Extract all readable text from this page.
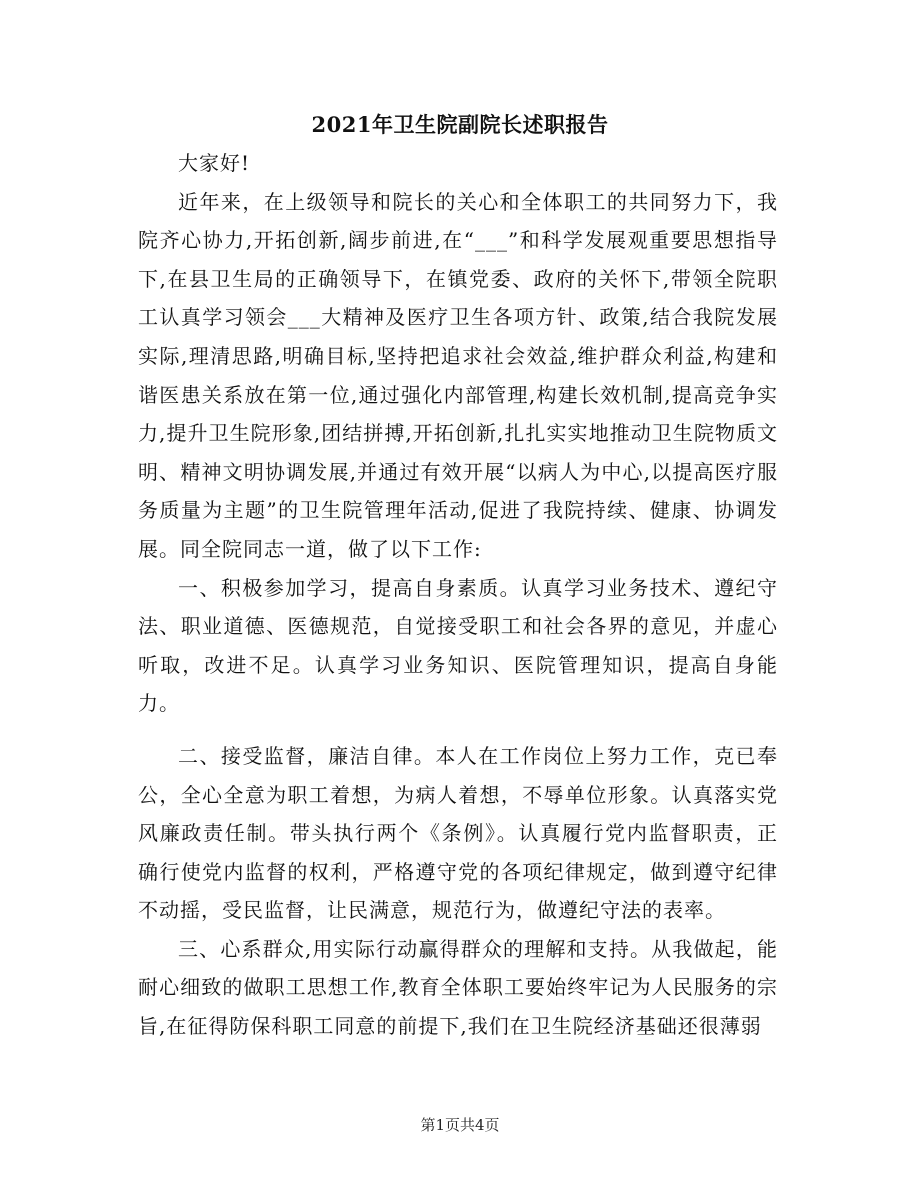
2021年卫生院副院长述职报告

大家好!

近年来，在上级领导和院长的关心和全体职工的共同努力下，我院齐心协力,开拓创新,阔步前进,在“___”和科学发展观重要思想指导下,在县卫生局的正确领导下，在镇党委、政府的关怀下,带领全院职工认真学习领会___大精神及医疗卫生各项方针、政策,结合我院发展实际,理清思路,明确目标,坚持把追求社会效益,维护群众利益,构建和谐医患关系放在第一位,通过强化内部管理,构建长效机制,提高竞争实力,提升卫生院形象,团结拼搏,开拓创新,扎扎实实地推动卫生院物质文明、精神文明协调发展,并通过有效开展“以病人为中心,以提高医疗服务质量为主题”的卫生院管理年活动,促进了我院持续、健康、协调发展。同全院同志一道，做了以下工作:

一、积极参加学习，提高自身素质。认真学习业务技术、遵纪守法、职业道德、医德规范，自觉接受职工和社会各界的意见，并虚心听取，改进不足。认真学习业务知识、医院管理知识，提高自身能力。

二、接受监督，廉洁自律。本人在工作岗位上努力工作，克已奉公，全心全意为职工着想，为病人着想，不辱单位形象。认真落实党风廉政责任制。带头执行两个《条例》。认真履行党内监督职责，正确行使党内监督的权利，严格遵守党的各项纪律规定，做到遵守纪律不动摇，受民监督，让民满意，规范行为，做遵纪守法的表率。

三、心系群众,用实际行动赢得群众的理解和支持。从我做起，能耐心细致的做职工思想工作,教育全体职工要始终牢记为人民服务的宗旨,在征得防保科职工同意的前提下,我们在卫生院经济基础还很薄弱

第1页共4页
